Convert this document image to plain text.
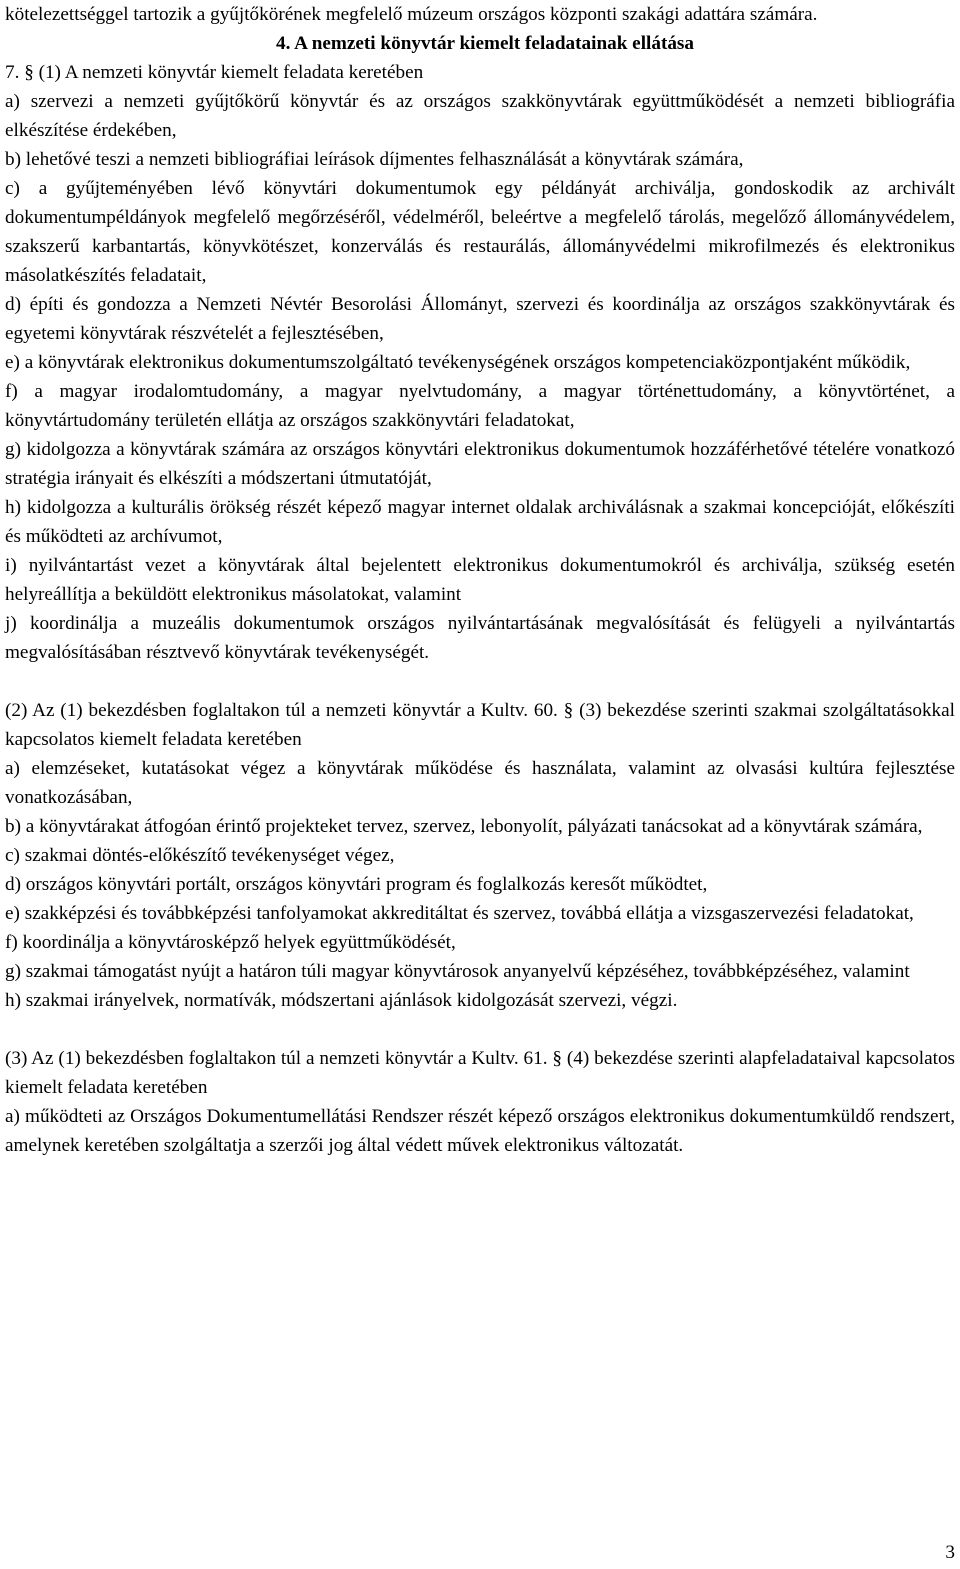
kötelezettséggel tartozik a gyűjtőkörének megfelelő múzeum országos központi szakági adattára számára.

4. A nemzeti könyvtár kiemelt feladatainak ellátása

7. § (1) A nemzeti könyvtár kiemelt feladata keretében

a) szervezi a nemzeti gyűjtőkörű könyvtár és az országos szakkönyvtárak együttműködését a nemzeti bibliográfia elkészítése érdekében,

b) lehetővé teszi a nemzeti bibliográfiai leírások díjmentes felhasználását a könyvtárak számára,

c) a gyűjteményében lévő könyvtári dokumentumok egy példányát archiválja, gondoskodik az archivált dokumentumpéldányok megfelelő megőrzéséről, védelméről, beleértve a megfelelő tárolás, megelőző állományvédelem, szakszerű karbantartás, könyvkötészet, konzerválás és restaurálás, állományvédelmi mikrofilmezés és elektronikus másolatkészítés feladatait,

d) építi és gondozza a Nemzeti Névtér Besorolási Állományt, szervezi és koordinálja az országos szakkönyvtárak és egyetemi könyvtárak részvételét a fejlesztésében,

e) a könyvtárak elektronikus dokumentumszolgáltató tevékenységének országos kompetenciaközpontjaként működik,

f) a magyar irodalomtudomány, a magyar nyelvtudomány, a magyar történettudomány, a könyvtörténet, a könyvtártudomány területén ellátja az országos szakkönyvtári feladatokat,

g) kidolgozza a könyvtárak számára az országos könyvtári elektronikus dokumentumok hozzáférhetővé tételére vonatkozó stratégia irányait és elkészíti a módszertani útmutatóját,

h) kidolgozza a kulturális örökség részét képező magyar internet oldalak archiválásnak a szakmai koncepcióját, előkészíti és működteti az archívumot,

i) nyilvántartást vezet a könyvtárak által bejelentett elektronikus dokumentumokról és archiválja, szükség esetén helyreállítja a beküldött elektronikus másolatokat, valamint

j) koordinálja a muzeális dokumentumok országos nyilvántartásának megvalósítását és felügyeli a nyilvántartás megvalósításában résztvevő könyvtárak tevékenységét.

(2) Az (1) bekezdésben foglaltakon túl a nemzeti könyvtár a Kultv. 60. § (3) bekezdése szerinti szakmai szolgáltatásokkal kapcsolatos kiemelt feladata keretében

a) elemzéseket, kutatásokat végez a könyvtárak működése és használata, valamint az olvasási kultúra fejlesztése vonatkozásában,

b) a könyvtárakat átfogóan érintő projekteket tervez, szervez, lebonyolít, pályázati tanácsokat ad a könyvtárak számára,

c) szakmai döntés-előkészítő tevékenységet végez,

d) országos könyvtári portált, országos könyvtári program és foglalkozás keresőt működtet,

e) szakképzési és továbbképzési tanfolyamokat akkreditáltat és szervez, továbbá ellátja a vizsgaszervezési feladatokat,

f) koordinálja a könyvtárosképző helyek együttműködését,

g) szakmai támogatást nyújt a határon túli magyar könyvtárosok anyanyelvű képzéséhez, továbbképzéséhez, valamint

h) szakmai irányelvek, normatívák, módszertani ajánlások kidolgozását szervezi, végzi.

(3) Az (1) bekezdésben foglaltakon túl a nemzeti könyvtár a Kultv. 61. § (4) bekezdése szerinti alapfeladataival kapcsolatos kiemelt feladata keretében

a) működteti az Országos Dokumentumellátási Rendszer részét képező országos elektronikus dokumentumküldő rendszert, amelynek keretében szolgáltatja a szerzői jog által védett művek elektronikus változatát.

3
